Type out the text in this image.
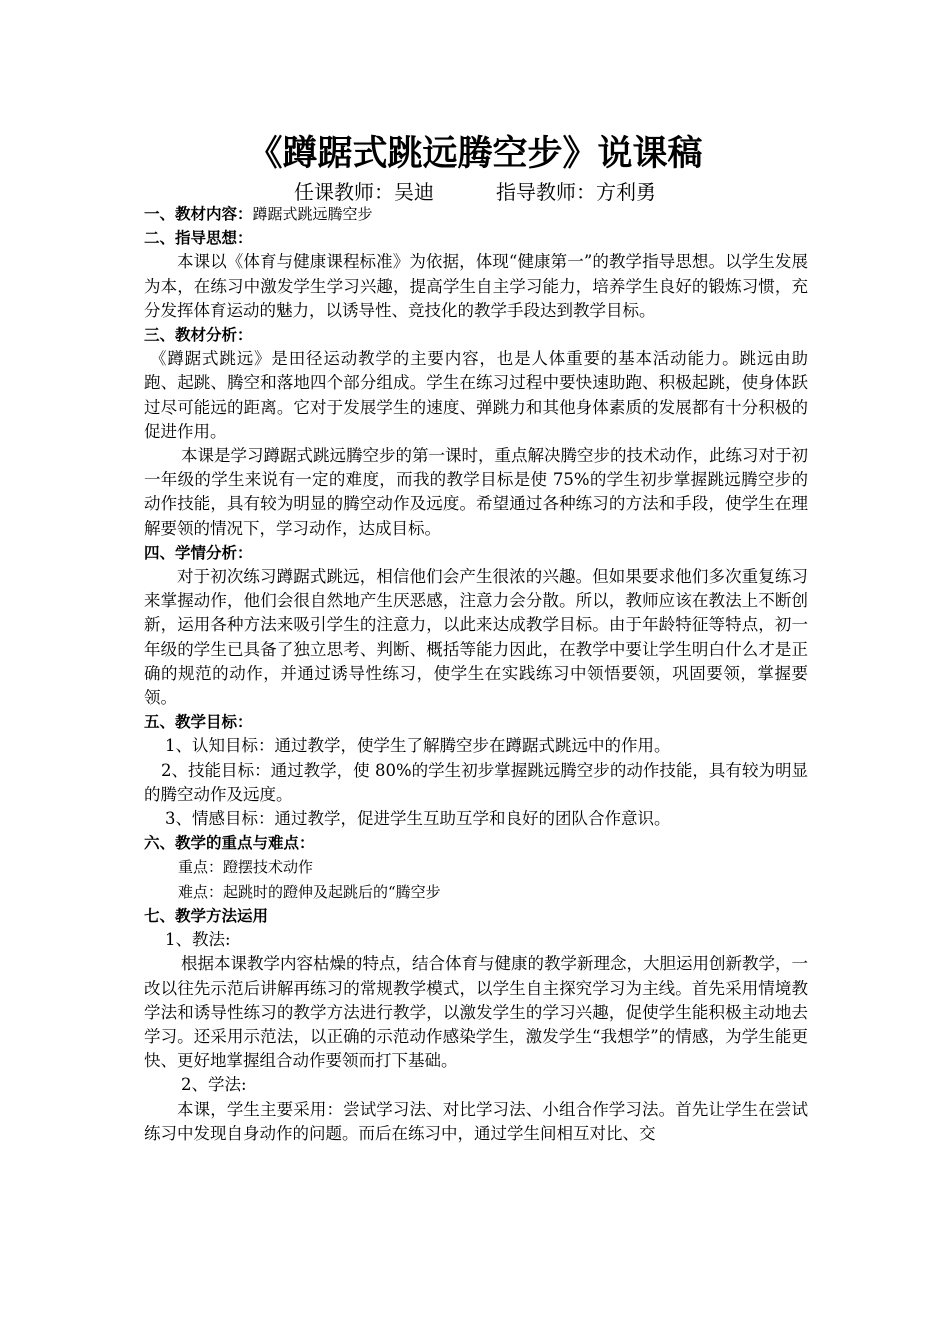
《蹲踞式跳远腾空步》说课稿
任课教师：吴迪	指导教师：方利勇
一、教材内容：蹲踞式跳远腾空步
二、指导思想：
本课以《体育与健康课程标准》为依据，体现“健康第一”的教学指导思想。以学生发展为本，在练习中激发学生学习兴趣，提高学生自主学习能力，培养学生良好的锻炼习惯，充分发挥体育运动的魅力，以诱导性、竞技化的教学手段达到教学目标。
三、教材分析：
《蹲踞式跳远》是田径运动教学的主要内容，也是人体重要的基本活动能力。跳远由助跑、起跳、腾空和落地四个部分组成。学生在练习过程中要快速助跑、积极起跳，使身体跃过尽可能远的距离。它对于发展学生的速度、弹跳力和其他身体素质的发展都有十分积极的促进作用。
本课是学习蹲踞式跳远腾空步的第一课时，重点解决腾空步的技术动作，此练习对于初一年级的学生来说有一定的难度，而我的教学目标是使 75%的学生初步掌握跳远腾空步的动作技能，具有较为明显的腾空动作及远度。希望通过各种练习的方法和手段，使学生在理解要领的情况下，学习动作，达成目标。
四、学情分析：
对于初次练习蹲踞式跳远，相信他们会产生很浓的兴趣。但如果要求他们多次重复练习来掌握动作，他们会很自然地产生厌恶感，注意力会分散。所以，教师应该在教法上不断创新，运用各种方法来吸引学生的注意力，以此来达成教学目标。由于年龄特征等特点，初一年级的学生已具备了独立思考、判断、概括等能力因此，在教学中要让学生明白什么才是正确的规范的动作，并通过诱导性练习，使学生在实践练习中领悟要领，巩固要领，掌握要领。
五、教学目标：
1、认知目标：通过教学，使学生了解腾空步在蹲踞式跳远中的作用。
2、技能目标：通过教学，使 80%的学生初步掌握跳远腾空步的动作技能，具有较为明显的腾空动作及远度。
3、情感目标：通过教学，促进学生互助互学和良好的团队合作意识。
六、教学的重点与难点：
重点：蹬摆技术动作
难点：起跳时的蹬伸及起跳后的“腾空步
七、教学方法运用
1、教法:
根据本课教学内容枯燥的特点，结合体育与健康的教学新理念，大胆运用创新教学，一改以往先示范后讲解再练习的常规教学模式，以学生自主探究学习为主线。首先采用情境教学法和诱导性练习的教学方法进行教学，以激发学生的学习兴趣，促使学生能积极主动地去学习。还采用示范法，以正确的示范动作感染学生，激发学生“我想学”的情感，为学生能更快、更好地掌握组合动作要领而打下基础。
2、学法:
本课，学生主要采用：尝试学习法、对比学习法、小组合作学习法。首先让学生在尝试练习中发现自身动作的问题。而后在练习中，通过学生间相互对比、交
